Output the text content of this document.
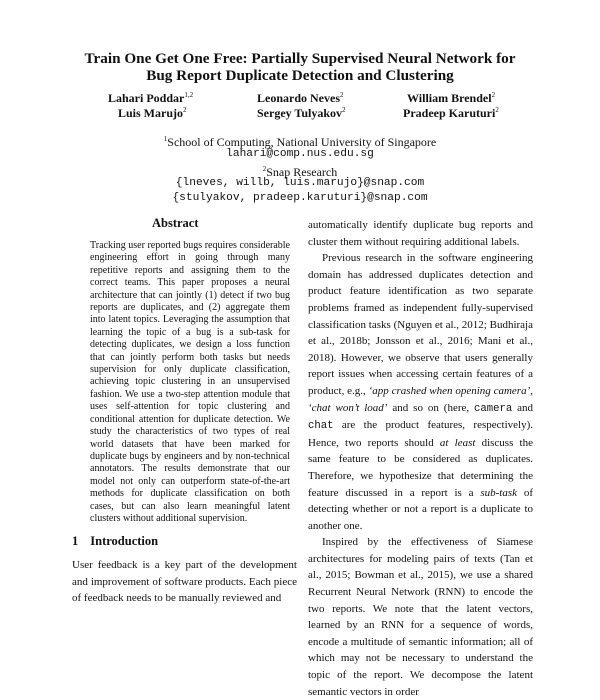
Train One Get One Free: Partially Supervised Neural Network for
Bug Report Duplicate Detection and Clustering
Lahari Poddar$^{1,2}$	Leonardo Neves$^2$	William Brendel$^2$
Luis Marujo$^2$	Sergey Tulyakov$^2$	Pradeep Karuturi$^2$
$^1$School of Computing, National University of Singapore
lahari@comp.nus.edu.sg
$^2$Snap Research
{lneves, willb, luis.marujo}@snap.com
{stulyakov, pradeep.karuturi}@snap.com
Abstract
Tracking user reported bugs requires considerable engineering effort in going through many repetitive reports and assigning them to the correct teams. This paper proposes a neural architecture that can jointly (1) detect if two bug reports are duplicates, and (2) aggregate them into latent topics. Leveraging the assumption that learning the topic of a bug is a sub-task for detecting duplicates, we design a loss function that can jointly perform both tasks but needs supervision for only duplicate classification, achieving topic clustering in an unsupervised fashion. We use a two-step attention module that uses self-attention for topic clustering and conditional attention for duplicate detection. We study the characteristics of two types of real world datasets that have been marked for duplicate bugs by engineers and by non-technical annotators. The results demonstrate that our model not only can outperform state-of-the-art methods for duplicate classification on both cases, but can also learn meaningful latent clusters without additional supervision.
1 Introduction
User feedback is a key part of the development and improvement of software products. Each piece of feedback needs to be manually reviewed and

automatically identify duplicate bug reports and cluster them without requiring additional labels.

Previous research in the software engineering domain has addressed duplicates detection and product feature identification as two separate problems framed as independent fully-supervised classification tasks (Nguyen et al., 2012; Budhiraja et al., 2018b; Jonsson et al., 2016; Mani et al., 2018). However, we observe that users generally report issues when accessing certain features of a product, e.g., ‘app crashed when opening camera’, ‘chat won’t load’ and so on (here, camera and chat are the product features, respectively). Hence, two reports should at least discuss the same feature to be considered as duplicates. Therefore, we hypothesize that determining the feature discussed in a report is a sub-task of detecting whether or not a report is a duplicate to another one.

Inspired by the effectiveness of Siamese architectures for modeling pairs of texts (Tan et al., 2015; Bowman et al., 2015), we use a shared Recurrent Neural Network (RNN) to encode the two reports. We note that the latent vectors, learned by an RNN for a sequence of words, encode a multitude of semantic information; all of which may not be necessary to understand the topic of the report. We decompose the latent semantic vectors in order
